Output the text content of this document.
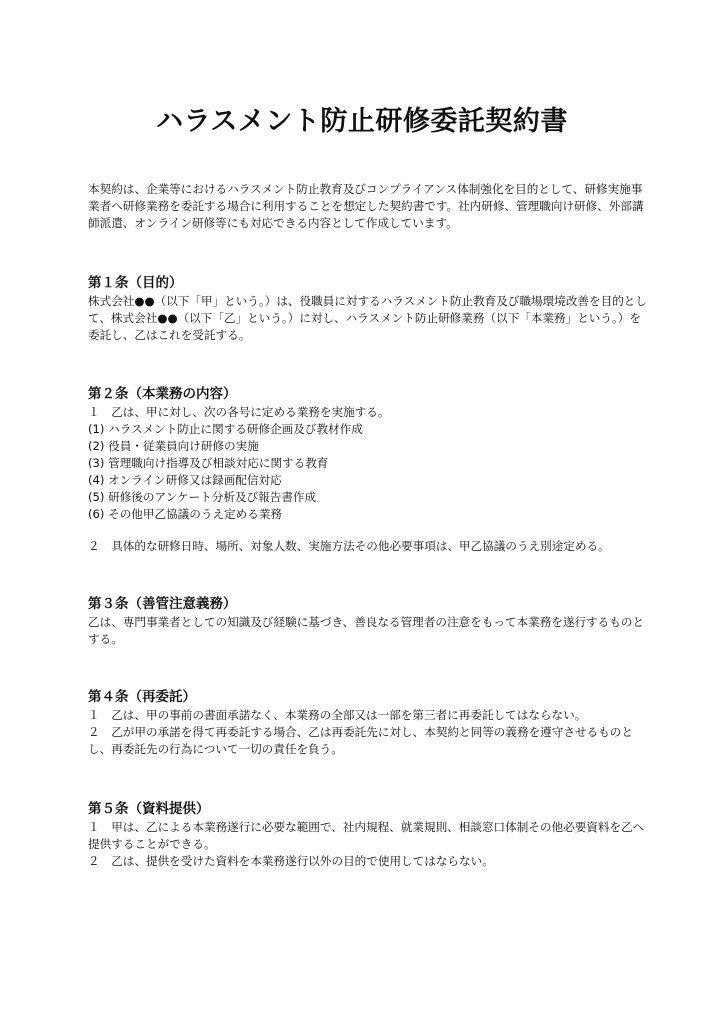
ハラスメント防止研修委託契約書
本契約は、企業等におけるハラスメント防止教育及びコンプライアンス体制強化を目的として、研修実施事業者へ研修業務を委託する場合に利用することを想定した契約書です。社内研修、管理職向け研修、外部講師派遣、オンライン研修等にも対応できる内容として作成しています。
第１条（目的）

株式会社●●（以下「甲」という。）は、役職員に対するハラスメント防止教育及び職場環境改善を目的として、株式会社●●（以下「乙」という。）に対し、ハラスメント防止研修業務（以下「本業務」という。）を委託し、乙はこれを受託する。

第２条（本業務の内容）

１　乙は、甲に対し、次の各号に定める業務を実施する。

(1) ハラスメント防止に関する研修企画及び教材作成

(2) 役員・従業員向け研修の実施

(3) 管理職向け指導及び相談対応に関する教育

(4) オンライン研修又は録画配信対応

(5) 研修後のアンケート分析及び報告書作成

(6) その他甲乙協議のうえ定める業務

２　具体的な研修日時、場所、対象人数、実施方法その他必要事項は、甲乙協議のうえ別途定める。

第３条（善管注意義務）

乙は、専門事業者としての知識及び経験に基づき、善良なる管理者の注意をもって本業務を遂行するものとする。

第４条（再委託）

１　乙は、甲の事前の書面承諾なく、本業務の全部又は一部を第三者に再委託してはならない。

２　乙が甲の承諾を得て再委託する場合、乙は再委託先に対し、本契約と同等の義務を遵守させるものとし、再委託先の行為について一切の責任を負う。

第５条（資料提供）

１　甲は、乙による本業務遂行に必要な範囲で、社内規程、就業規則、相談窓口体制その他必要資料を乙へ提供することができる。

２　乙は、提供を受けた資料を本業務遂行以外の目的で使用してはならない。
